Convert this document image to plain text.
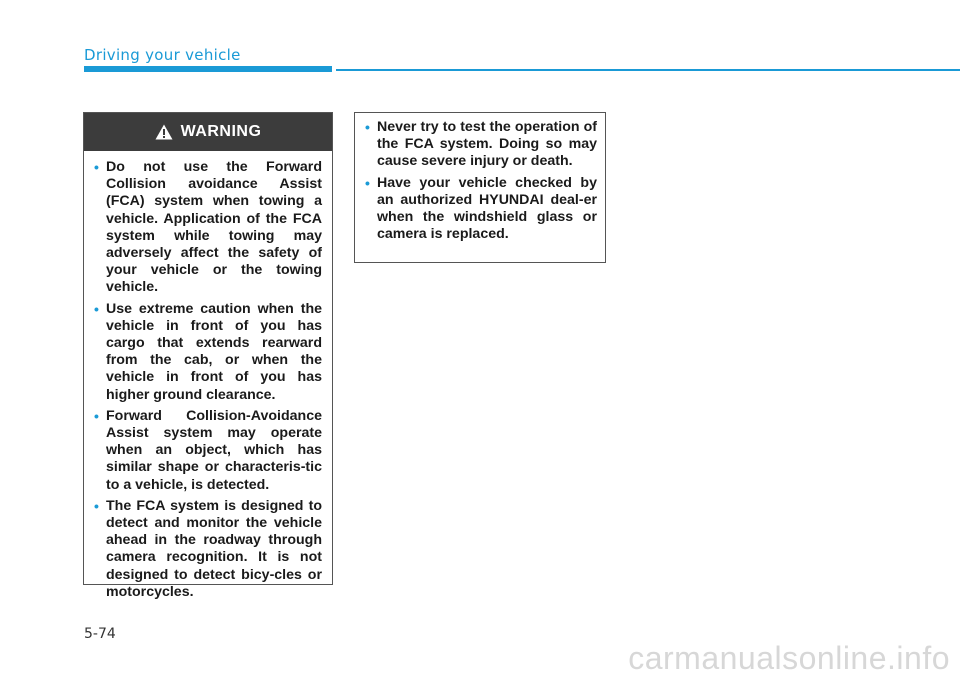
Driving your vehicle
WARNING
• Do not use the Forward Collision avoidance Assist (FCA) system when towing a vehicle. Application of the FCA system while towing may adversely affect the safety of your vehicle or the towing vehicle.
• Use extreme caution when the vehicle in front of you has cargo that extends rearward from the cab, or when the vehicle in front of you has higher ground clearance.
• Forward Collision-Avoidance Assist system may operate when an object, which has similar shape or characteris-tic to a vehicle, is detected.
• The FCA system is designed to detect and monitor the vehicle ahead in the roadway through camera recognition. It is not designed to detect bicy-cles or motorcycles.
• Never try to test the operation of the FCA system. Doing so may cause severe injury or death.
• Have your vehicle checked by an authorized HYUNDAI deal-er when the windshield glass or camera is replaced.
5-74
carmanualsonline.info
